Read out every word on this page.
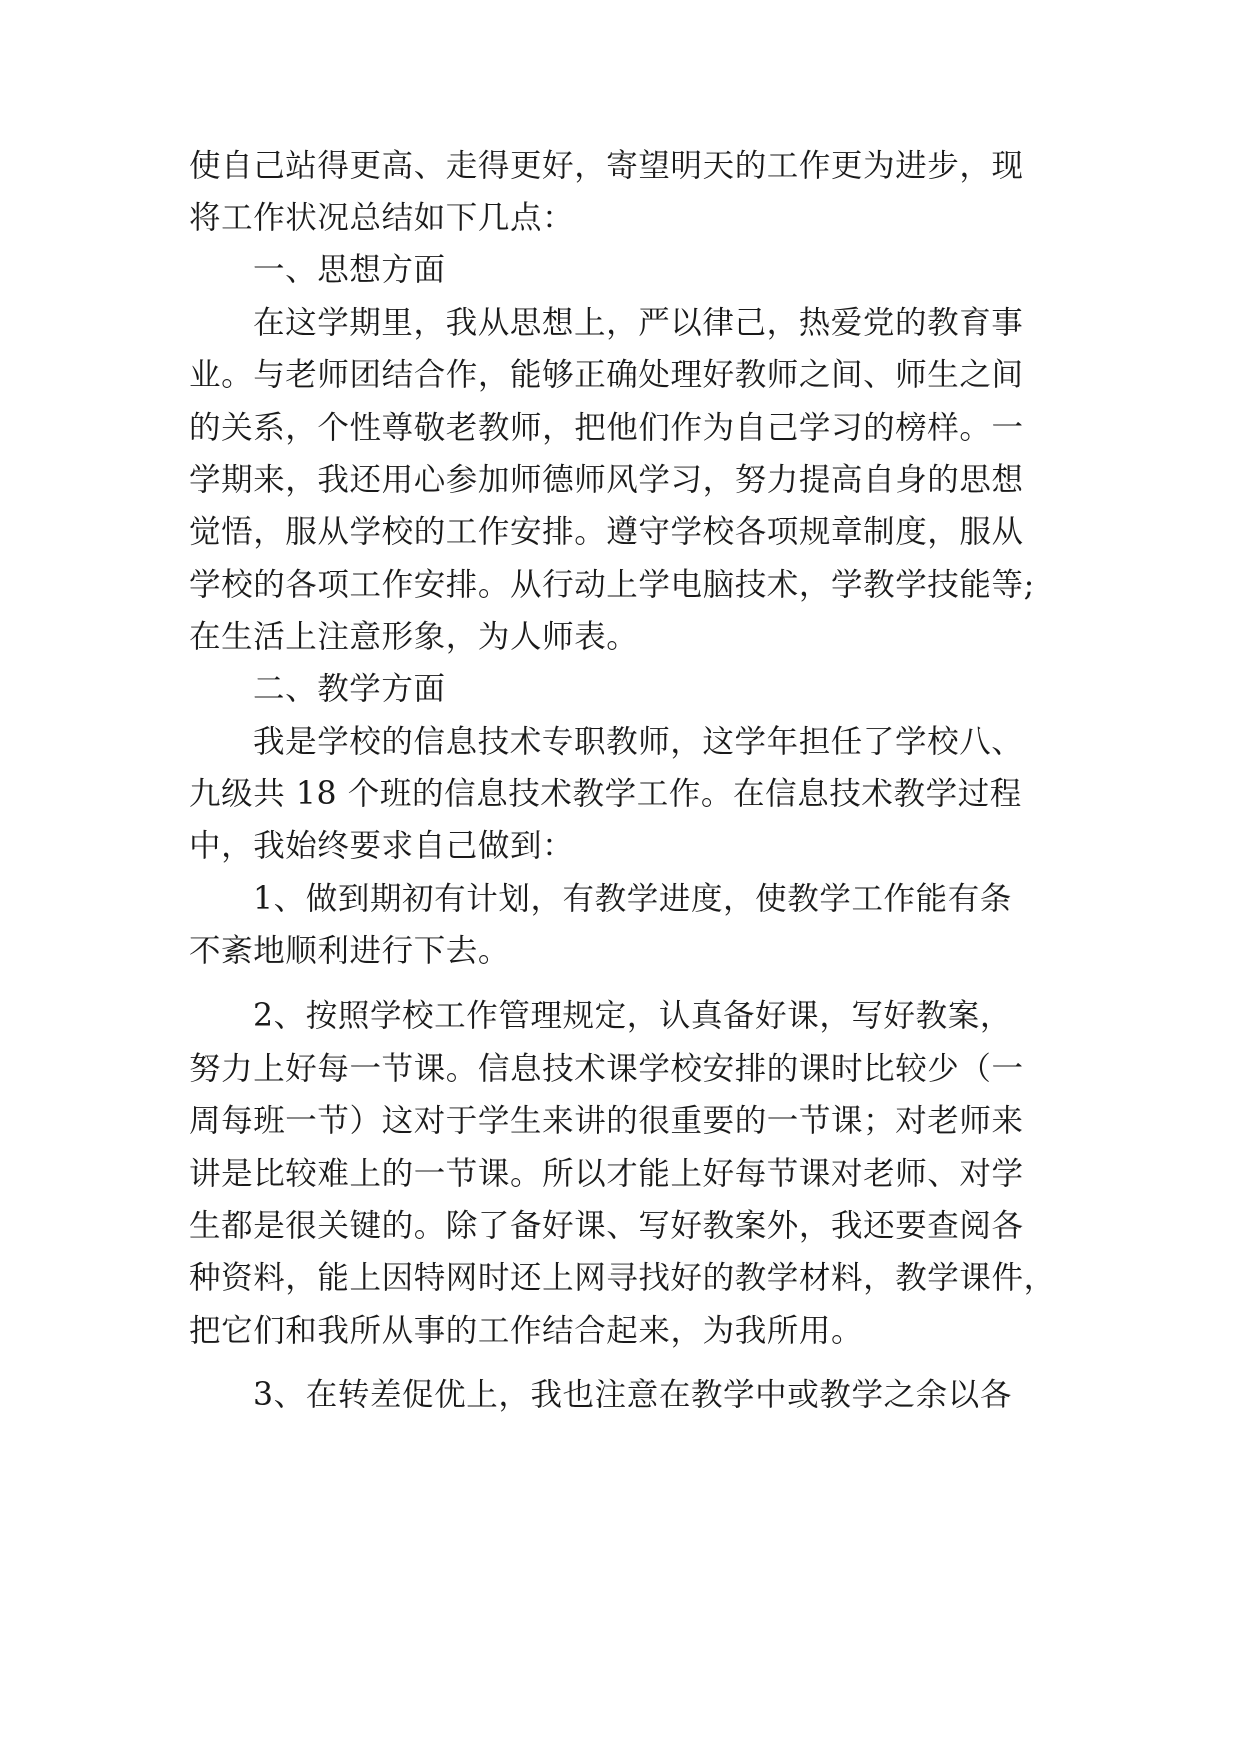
使自己站得更高、走得更好，寄望明天的工作更为进步，现
将工作状况总结如下几点：
一、思想方面
在这学期里，我从思想上，严以律己，热爱党的教育事
业。与老师团结合作，能够正确处理好教师之间、师生之间
的关系，个性尊敬老教师，把他们作为自己学习的榜样。一
学期来，我还用心参加师德师风学习，努力提高自身的思想
觉悟，服从学校的工作安排。遵守学校各项规章制度，服从
学校的各项工作安排。从行动上学电脑技术，学教学技能等;
在生活上注意形象，为人师表。
二、教学方面
我是学校的信息技术专职教师，这学年担任了学校八、
九级共 18 个班的信息技术教学工作。在信息技术教学过程
中，我始终要求自己做到：
1、做到期初有计划，有教学进度，使教学工作能有条
不紊地顺利进行下去。
2、按照学校工作管理规定，认真备好课，写好教案，
努力上好每一节课。信息技术课学校安排的课时比较少（一
周每班一节）这对于学生来讲的很重要的一节课；对老师来
讲是比较难上的一节课。所以才能上好每节课对老师、对学
生都是很关键的。除了备好课、写好教案外，我还要查阅各
种资料，能上因特网时还上网寻找好的教学材料，教学课件，
把它们和我所从事的工作结合起来，为我所用。
3、在转差促优上，我也注意在教学中或教学之余以各
